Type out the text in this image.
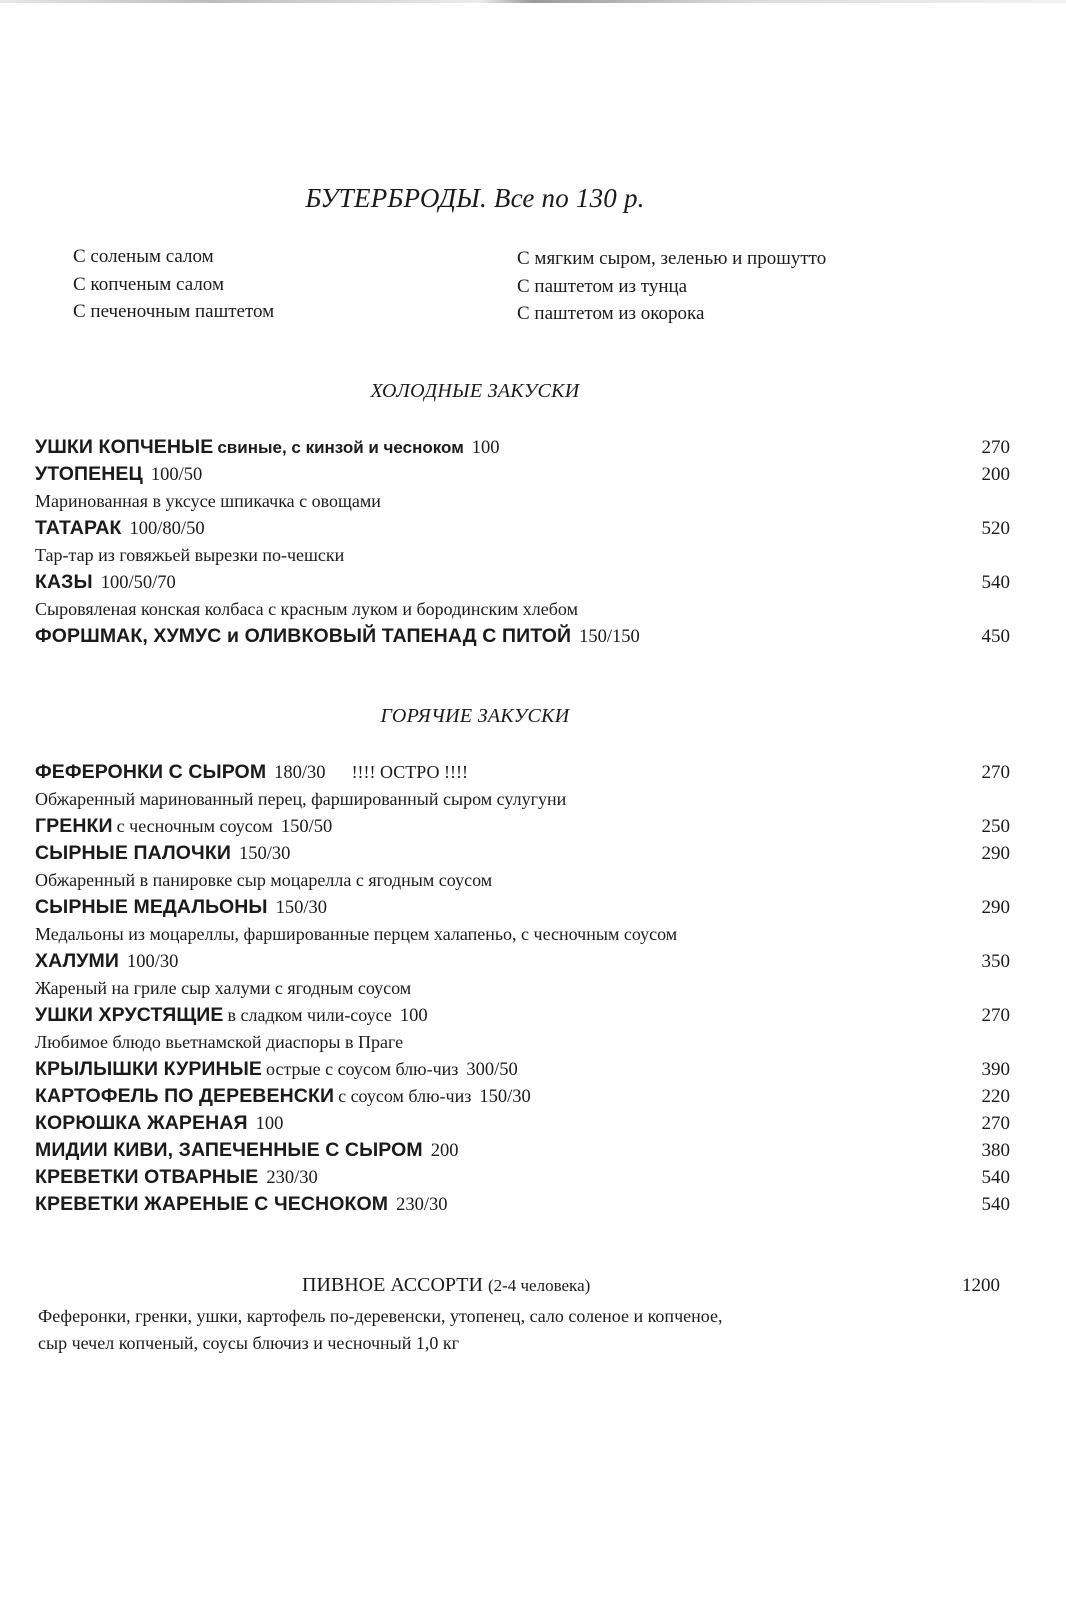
БУТЕРБРОДЫ. Все по 130 р.
С соленым салом
С копченым салом
С печеночным паштетом
С мягким сыром, зеленью и прошутто
С паштетом из тунца
С паштетом из окорока
ХОЛОДНЫЕ ЗАКУСКИ
УШКИ КОПЧЕНЫЕ свиные, с кинзой и чесноком 100	270
УТОПЕНЕЦ 100/50	200
Маринованная в уксусе шпикачка с овощами
ТАТАРАК 100/80/50	520
Тар-тар из говяжьей вырезки по-чешски
КАЗЫ 100/50/70	540
Сыровяленая конская колбаса с красным луком и бородинским хлебом
ФОРШМАК, ХУМУС и ОЛИВКОВЫЙ ТАПЕНАД С ПИТОЙ 150/150	450
ГОРЯЧИЕ ЗАКУСКИ
ФЕФЕРОНКИ С СЫРОМ 180/30 !!!! ОСТРО !!!!	270
Обжаренный маринованный перец, фаршированный сыром сулугуни
ГРЕНКИ с чесночным соусом 150/50	250
СЫРНЫЕ ПАЛОЧКИ 150/30	290
Обжаренный в панировке сыр моцарелла с ягодным соусом
СЫРНЫЕ МЕДАЛЬОНЫ 150/30	290
Медальоны из моцареллы, фаршированные перцем халапеньо, с чесночным соусом
ХАЛУМИ 100/30	350
Жареный на гриле сыр халуми с ягодным соусом
УШКИ ХРУСТЯЩИЕ в сладком чили-соусе 100	270
Любимое блюдо вьетнамской диаспоры в Праге
КРЫЛЫШКИ КУРИНЫЕ острые с соусом блю-чиз 300/50	390
КАРТОФЕЛЬ ПО ДЕРЕВЕНСКИ с соусом блю-чиз 150/30	220
КОРЮШКА ЖАРЕНАЯ 100	270
МИДИИ КИВИ, ЗАПЕЧЕННЫЕ С СЫРОМ 200	380
КРЕВЕТКИ ОТВАРНЫЕ 230/30	540
КРЕВЕТКИ ЖАРЕНЫЕ С ЧЕСНОКОМ 230/30	540
ПИВНОЕ АССОРТИ (2-4 человека)	1200
Феферонки, гренки, ушки, картофель по-деревенски, утопенец, сало соленое и копченое,
сыр чечел копченый, соусы блючиз и чесночный 1,0 кг
